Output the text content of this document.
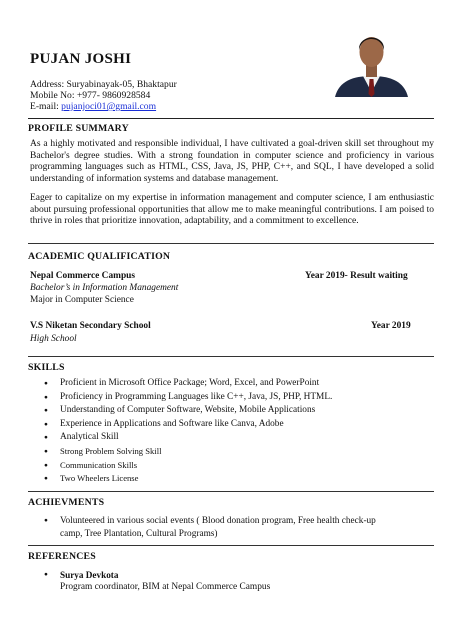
PUJAN JOSHI
Address: Suryabinayak-05, Bhaktapur
Mobile No: +977- 9860928584
E-mail: pujanjoci01@gmail.com
PROFILE SUMMARY
As a highly motivated and responsible individual, I have cultivated a goal-driven skill set throughout my Bachelor's degree studies. With a strong foundation in computer science and proficiency in various programming languages such as HTML, CSS, Java, JS, PHP, C++, and SQL, I have developed a solid understanding of information systems and database management.
Eager to capitalize on my expertise in information management and computer science, I am enthusiastic about pursuing professional opportunities that allow me to make meaningful contributions. I am poised to thrive in roles that prioritize innovation, adaptability, and a commitment to excellence.
ACADEMIC QUALIFICATION
Nepal Commerce Campus	Year 2019- Result waiting
Bachelor’s in Information Management
Major in Computer Science
V.S Niketan Secondary School	Year 2019
High School
SKILLS
● Proficient in Microsoft Office Package; Word, Excel, and PowerPoint
● Proficiency in Programming Languages like C++, Java, JS, PHP, HTML.
● Understanding of Computer Software, Website, Mobile Applications
● Experience in Applications and Software like Canva, Adobe
● Analytical Skill
● Strong Problem Solving Skill
● Communication Skills
● Two Wheelers License
ACHIEVMENTS
● Volunteered in various social events ( Blood donation program, Free health check-up camp, Tree Plantation, Cultural Programs)
REFERENCES
● Surya Devkota
Program coordinator, BIM at Nepal Commerce Campus
